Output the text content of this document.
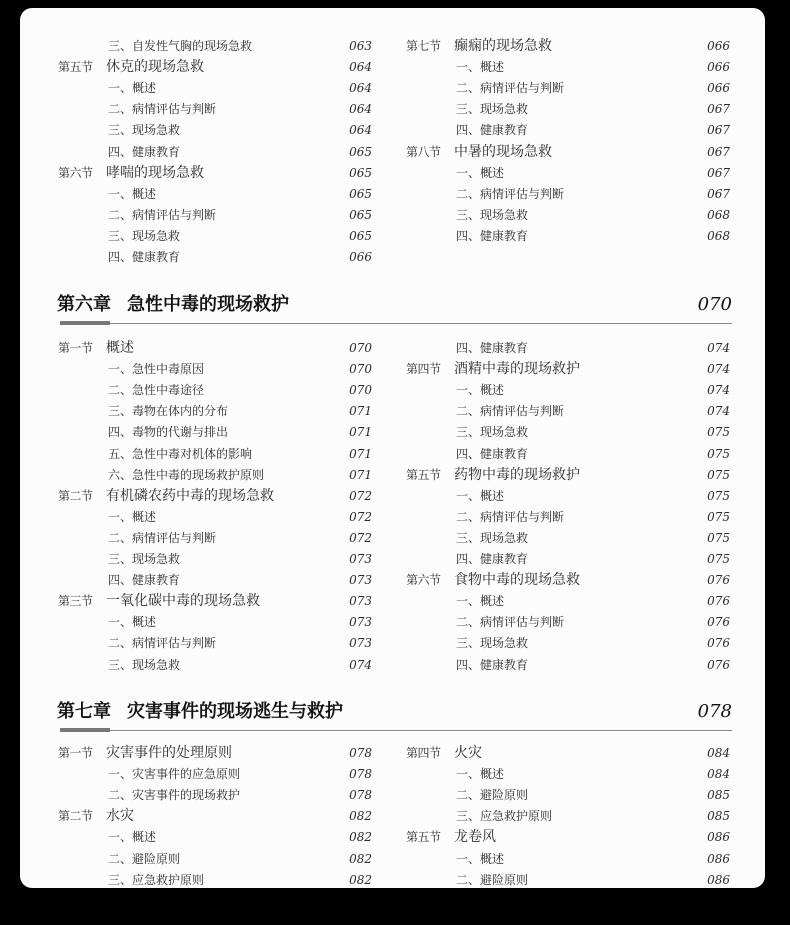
三、自发性气胸的现场急救	063
第五节 休克的现场急救	064
一、概述	064
二、病情评估与判断	064
三、现场急救	064
四、健康教育	065
第六节 哮喘的现场急救	065
一、概述	065
二、病情评估与判断	065
三、现场急救	065
四、健康教育	066
第七节 癫痫的现场急救	066
一、概述	066
二、病情评估与判断	066
三、现场急救	067
四、健康教育	067
第八节 中暑的现场急救	067
一、概述	067
二、病情评估与判断	067
三、现场急救	068
四、健康教育	068
第六章 急性中毒的现场救护	070
第一节 概述	070
一、急性中毒原因	070
二、急性中毒途径	070
三、毒物在体内的分布	071
四、毒物的代谢与排出	071
五、急性中毒对机体的影响	071
六、急性中毒的现场救护原则	071
第二节 有机磷农药中毒的现场急救	072
一、概述	072
二、病情评估与判断	072
三、现场急救	073
四、健康教育	073
第三节 一氧化碳中毒的现场急救	073
一、概述	073
二、病情评估与判断	073
三、现场急救	074
四、健康教育	074
第四节 酒精中毒的现场救护	074
一、概述	074
二、病情评估与判断	074
三、现场急救	075
四、健康教育	075
第五节 药物中毒的现场救护	075
一、概述	075
二、病情评估与判断	075
三、现场急救	075
四、健康教育	075
第六节 食物中毒的现场急救	076
一、概述	076
二、病情评估与判断	076
三、现场急救	076
四、健康教育	076
第七章 灾害事件的现场逃生与救护	078
第一节 灾害事件的处理原则	078
一、灾害事件的应急原则	078
二、灾害事件的现场救护	078
第二节 水灾	082
一、概述	082
二、避险原则	082
三、应急救护原则	082
第四节 火灾	084
一、概述	084
二、避险原则	085
三、应急救护原则	085
第五节 龙卷风	086
一、概述	086
二、避险原则	086
